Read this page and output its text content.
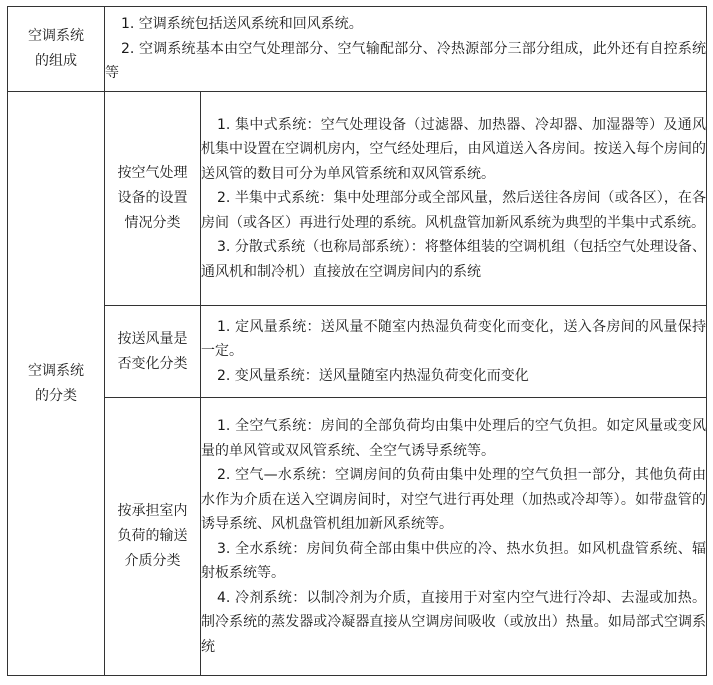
空调系统的组成	1. 空调系统包括送风系统和回风系统。

2. 空调系统基本由空气处理部分、空气输配部分、冷热源部分三部分组成，此外还有自控系统等	

空调系统的分类	按空气处理设备的设置情况分类	1. 集中式系统：空气处理设备（过滤器、加热器、冷却器、加湿器等）及通风机集中设置在空调机房内，空气经处理后，由风道送入各房间。按送入每个房间的送风管的数目可分为单风管系统和双风管系统。

2. 半集中式系统：集中处理部分或全部风量，然后送往各房间（或各区），在各房间（或各区）再进行处理的系统。风机盘管加新风系统为典型的半集中式系统。

3. 分散式系统（也称局部系统）：将整体组装的空调机组（包括空气处理设备、通风机和制冷机）直接放在空调房间内的系统

	按送风量是否变化分类	1. 定风量系统：送风量不随室内热湿负荷变化而变化，送入各房间的风量保持一定。

2. 变风量系统：送风量随室内热湿负荷变化而变化

	按承担室内负荷的输送介质分类	1. 全空气系统：房间的全部负荷均由集中处理后的空气负担。如定风量或变风量的单风管或双风管系统、全空气诱导系统等。

2. 空气—水系统：空调房间的负荷由集中处理的空气负担一部分，其他负荷由水作为介质在送入空调房间时，对空气进行再处理（加热或冷却等）。如带盘管的诱导系统、风机盘管机组加新风系统等。

3. 全水系统：房间负荷全部由集中供应的冷、热水负担。如风机盘管系统、辐射板系统等。

4. 冷剂系统：以制冷剂为介质，直接用于对室内空气进行冷却、去湿或加热。制冷系统的蒸发器或冷凝器直接从空调房间吸收（或放出）热量。如局部式空调系统
